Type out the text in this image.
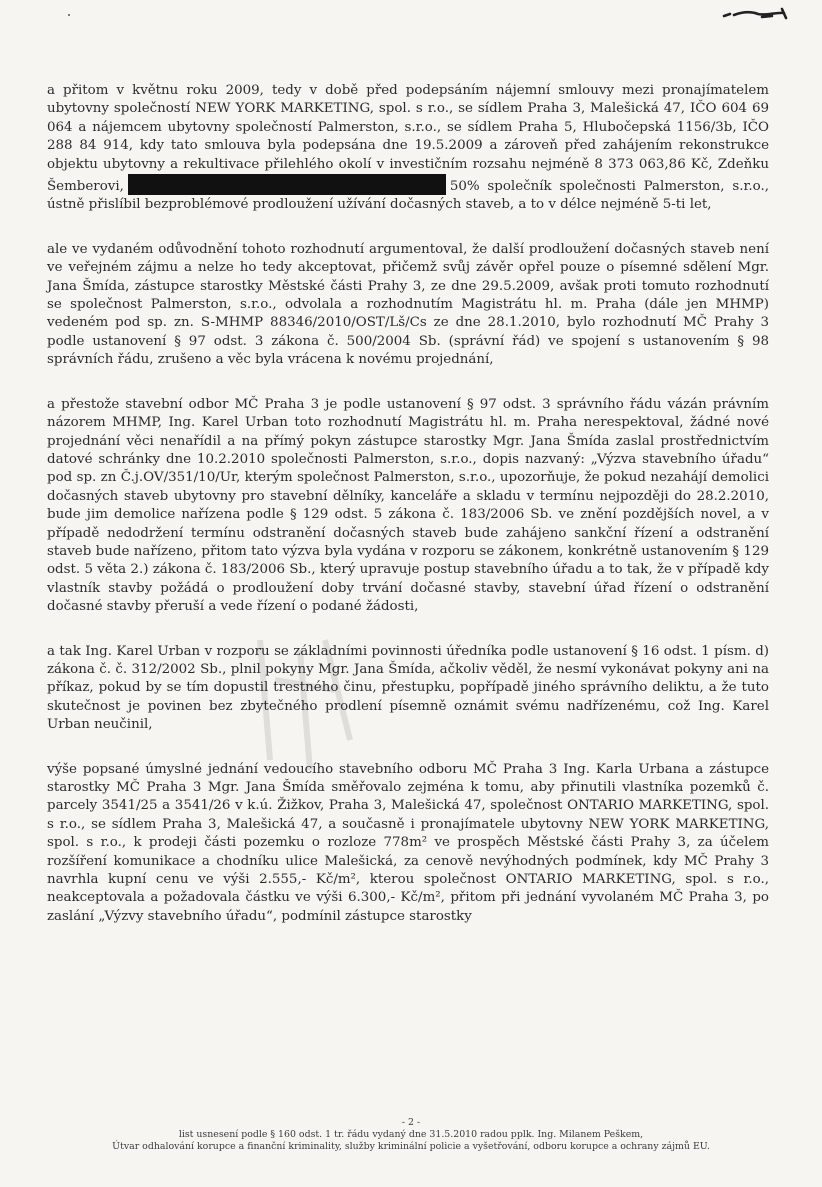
a přitom v květnu roku 2009, tedy v době před podepsáním nájemní smlouvy mezi pronajímatelem ubytovny společností NEW YORK MARKETING, spol. s r.o., se sídlem Praha 3, Malešická 47, IČO 604 69 064 a nájemcem ubytovny společností Palmerston, s.r.o., se sídlem Praha 5, Hlubočepská 1156/3b, IČO 288 84 914, kdy tato smlouva byla podepsána dne 19.5.2009 a zároveň před zahájením rekonstrukce objektu ubytovny a rekultivace přilehlého okolí v investičním rozsahu nejméně 8 373 063,86 Kč, Zdeňku Šemberovi,	50% společník společnosti Palmerston, s.r.o., ústně přislíbil bezproblémové prodloužení užívání dočasných staveb, a to v délce nejméně 5-ti let,

ale ve vydaném odůvodnění tohoto rozhodnutí argumentoval, že další prodloužení dočasných staveb není ve veřejném zájmu a nelze ho tedy akceptovat, přičemž svůj závěr opřel pouze o písemné sdělení Mgr. Jana Šmída, zástupce starostky Městské části Prahy 3, ze dne 29.5.2009, avšak proti tomuto rozhodnutí se společnost Palmerston, s.r.o., odvolala a rozhodnutím Magistrátu hl. m. Praha (dále jen MHMP) vedeném pod sp. zn. S-MHMP 88346/2010/OST/Lš/Cs ze dne 28.1.2010, bylo rozhodnutí MČ Prahy 3 podle ustanovení § 97 odst. 3 zákona č. 500/2004 Sb. (správní řád) ve spojení s ustanovením § 98 správních řádu, zrušeno a věc byla vrácena k novému projednání,

a přestože stavební odbor MČ Praha 3 je podle ustanovení § 97 odst. 3 správního řádu vázán právním názorem MHMP, Ing. Karel Urban toto rozhodnutí Magistrátu hl. m. Praha nerespektoval, žádné nové projednání věci nenařídil a na přímý pokyn zástupce starostky Mgr. Jana Šmída zaslal prostřednictvím datové schránky dne 10.2.2010 společnosti Palmerston, s.r.o., dopis nazvaný: „Výzva stavebního úřadu“ pod sp. zn Č.j.OV/351/10/Ur, kterým společnost Palmerston, s.r.o., upozorňuje, že pokud nezahájí demolici dočasných staveb ubytovny pro stavební dělníky, kanceláře a skladu v termínu nejpozději do 28.2.2010, bude jim demolice nařízena podle § 129 odst. 5 zákona č. 183/2006 Sb. ve znění pozdějších novel, a v případě nedodržení termínu odstranění dočasných staveb bude zahájeno sankční řízení a odstranění staveb bude nařízeno, přitom tato výzva byla vydána v rozporu se zákonem, konkrétně ustanovením § 129 odst. 5 věta 2.) zákona č. 183/2006 Sb., který upravuje postup stavebního úřadu a to tak, že v případě kdy vlastník stavby požádá o prodloužení doby trvání dočasné stavby, stavební úřad řízení o odstranění dočasné stavby přeruší a vede řízení o podané žádosti,

a tak Ing. Karel Urban v rozporu se základními povinnosti úředníka podle ustanovení § 16 odst. 1 písm. d) zákona č. č. 312/2002 Sb., plnil pokyny Mgr. Jana Šmída, ačkoliv věděl, že nesmí vykonávat pokyny ani na příkaz, pokud by se tím dopustil trestného činu, přestupku, popřípadě jiného správního deliktu, a že tuto skutečnost je povinen bez zbytečného prodlení písemně oznámit svému nadřízenému, což Ing. Karel Urban neučinil,

výše popsané úmyslné jednání vedoucího stavebního odboru MČ Praha 3 Ing. Karla Urbana a zástupce starostky MČ Praha 3 Mgr. Jana Šmída směřovalo zejména k tomu, aby přinutili vlastníka pozemků č. parcely 3541/25 a 3541/26 v k.ú. Žižkov, Praha 3, Malešická 47, společnost ONTARIO MARKETING, spol. s r.o., se sídlem Praha 3, Malešická 47, a současně i pronajímatele ubytovny NEW YORK MARKETING, spol. s r.o., k prodeji části pozemku o rozloze 778m² ve prospěch Městské části Prahy 3, za účelem rozšíření komunikace a chodníku ulice Malešická, za cenově nevýhodných podmínek, kdy MČ Prahy 3 navrhla kupní cenu ve výši 2.555,- Kč/m², kterou společnost ONTARIO MARKETING, spol. s r.o., neakceptovala a požadovala částku ve výši 6.300,- Kč/m², přitom při jednání vyvolaném MČ Praha 3, po zaslání „Výzvy stavebního úřadu“, podmínil zástupce starostky

- 2 -
list usnesení podle § 160 odst. 1 tr. řádu vydaný dne 31.5.2010 radou pplk. Ing. Milanem Peškem,
Útvar odhalování korupce a finanční kriminality, služby kriminální policie a vyšetřování, odboru korupce a ochrany zájmů EU.
